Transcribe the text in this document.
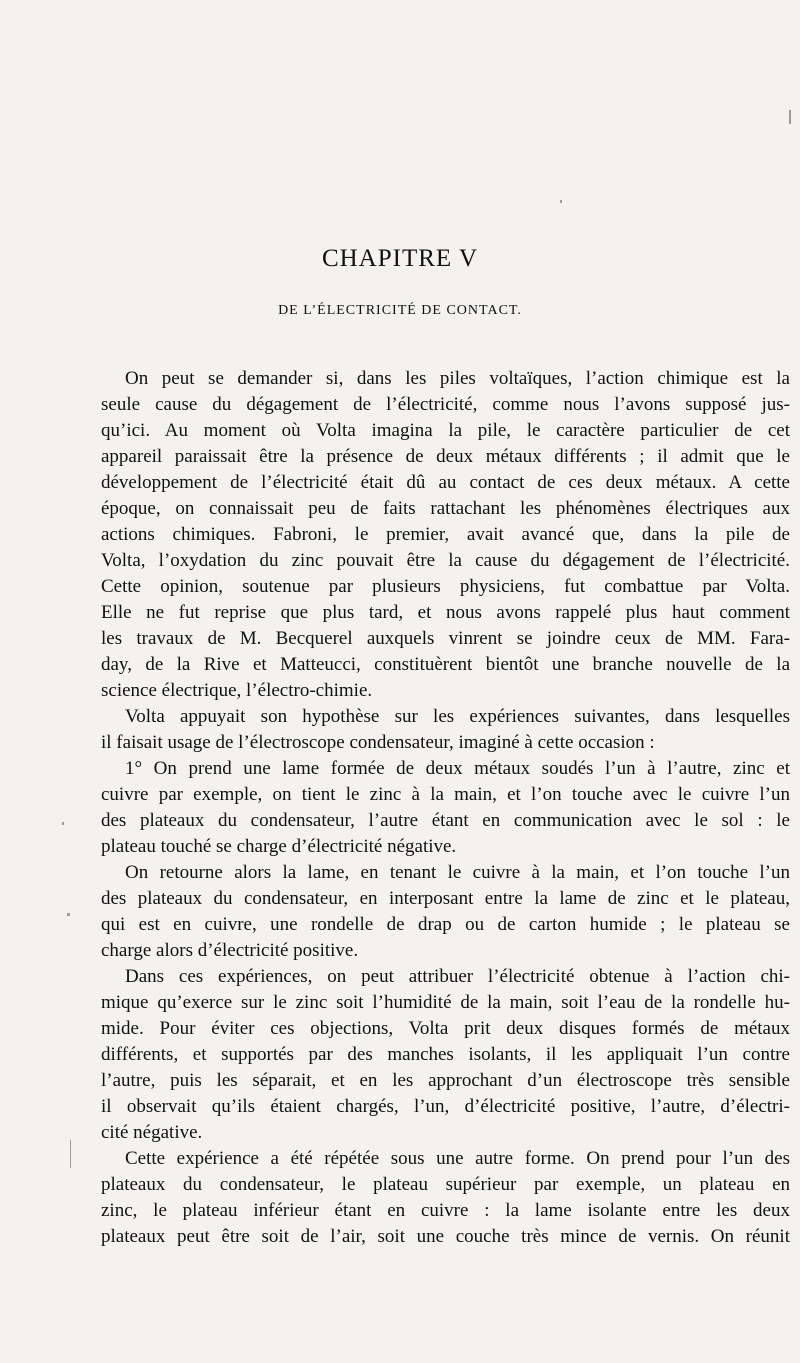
CHAPITRE V
DE L’ÉLECTRICITÉ DE CONTACT.
On peut se demander si, dans les piles voltaïques, l’action chimique est la
seule cause du dégagement de l’électricité, comme nous l’avons supposé jus-
qu’ici. Au moment où Volta imagina la pile, le caractère particulier de cet
appareil paraissait être la présence de deux métaux différents ; il admit que le
développement de l’électricité était dû au contact de ces deux métaux. A cette
époque, on connaissait peu de faits rattachant les phénomènes électriques aux
actions chimiques. Fabroni, le premier, avait avancé que, dans la pile de
Volta, l’oxydation du zinc pouvait être la cause du dégagement de l’électricité.
Cette opinion, soutenue par plusieurs physiciens, fut combattue par Volta.
Elle ne fut reprise que plus tard, et nous avons rappelé plus haut comment
les travaux de M. Becquerel auxquels vinrent se joindre ceux de MM. Fara-
day, de la Rive et Matteucci, constituèrent bientôt une branche nouvelle de la
science électrique, l’électro-chimie.
Volta appuyait son hypothèse sur les expériences suivantes, dans lesquelles
il faisait usage de l’électroscope condensateur, imaginé à cette occasion :
1° On prend une lame formée de deux métaux soudés l’un à l’autre, zinc et
cuivre par exemple, on tient le zinc à la main, et l’on touche avec le cuivre l’un
des plateaux du condensateur, l’autre étant en communication avec le sol : le
plateau touché se charge d’électricité négative.
On retourne alors la lame, en tenant le cuivre à la main, et l’on touche l’un
des plateaux du condensateur, en interposant entre la lame de zinc et le plateau,
qui est en cuivre, une rondelle de drap ou de carton humide ; le plateau se
charge alors d’électricité positive.
Dans ces expériences, on peut attribuer l’électricité obtenue à l’action chi-
mique qu’exerce sur le zinc soit l’humidité de la main, soit l’eau de la rondelle hu-
mide. Pour éviter ces objections, Volta prit deux disques formés de métaux
différents, et supportés par des manches isolants, il les appliquait l’un contre
l’autre, puis les séparait, et en les approchant d’un électroscope très sensible
il observait qu’ils étaient chargés, l’un, d’électricité positive, l’autre, d’électri-
cité négative.
Cette expérience a été répétée sous une autre forme. On prend pour l’un des
plateaux du condensateur, le plateau supérieur par exemple, un plateau en
zinc, le plateau inférieur étant en cuivre : la lame isolante entre les deux
plateaux peut être soit de l’air, soit une couche très mince de vernis. On réunit
